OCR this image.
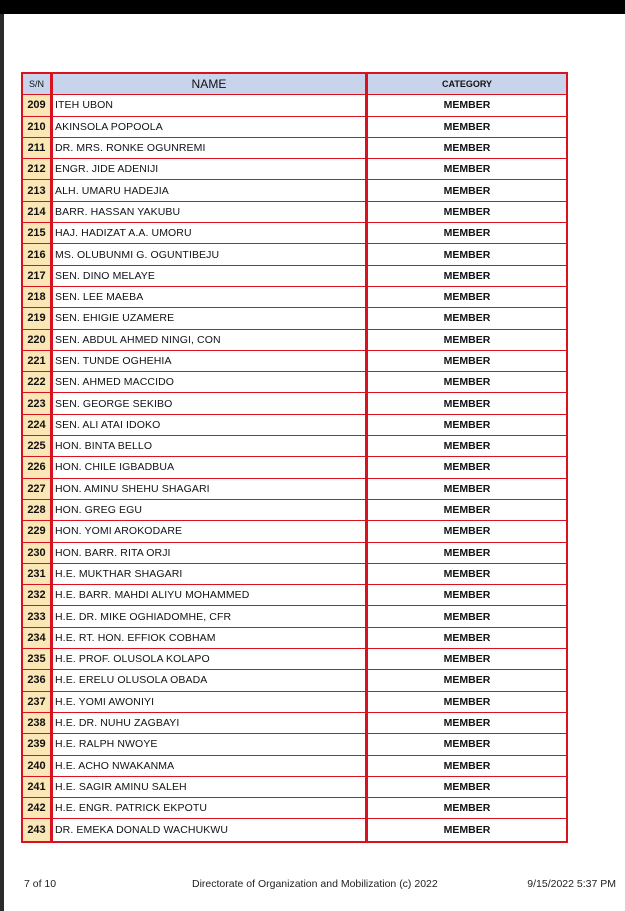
S/N	NAME	CATEGORY
209 ITEH UBON	MEMBER
210 AKINSOLA POPOOLA	MEMBER
211 DR. MRS. RONKE OGUNREMI	MEMBER
212 ENGR. JIDE ADENIJI	MEMBER
213 ALH. UMARU HADEJIA	MEMBER
214 BARR. HASSAN YAKUBU	MEMBER
215 HAJ. HADIZAT A.A. UMORU	MEMBER
216 MS. OLUBUNMI G. OGUNTIBEJU	MEMBER
217 SEN. DINO MELAYE	MEMBER
218 SEN. LEE MAEBA	MEMBER
219 SEN. EHIGIE UZAMERE	MEMBER
220 SEN. ABDUL AHMED NINGI, CON	MEMBER
221 SEN. TUNDE OGHEHIA	MEMBER
222 SEN. AHMED MACCIDO	MEMBER
223 SEN. GEORGE SEKIBO	MEMBER
224 SEN. ALI ATAI IDOKO	MEMBER
225 HON. BINTA BELLO	MEMBER
226 HON. CHILE IGBADBUA	MEMBER
227 HON. AMINU SHEHU SHAGARI	MEMBER
228 HON. GREG EGU	MEMBER
229 HON. YOMI AROKODARE	MEMBER
230 HON. BARR. RITA ORJI	MEMBER
231 H.E. MUKTHAR SHAGARI	MEMBER
232 H.E. BARR. MAHDI ALIYU MOHAMMED	MEMBER
233 H.E. DR. MIKE OGHIADOMHE, CFR	MEMBER
234 H.E. RT. HON. EFFIOK COBHAM	MEMBER
235 H.E. PROF. OLUSOLA KOLAPO	MEMBER
236 H.E. ERELU OLUSOLA OBADA	MEMBER
237 H.E. YOMI AWONIYI	MEMBER
238 H.E. DR. NUHU ZAGBAYI	MEMBER
239 H.E. RALPH NWOYE	MEMBER
240 H.E. ACHO NWAKANMA	MEMBER
241 H.E. SAGIR AMINU SALEH	MEMBER
242 H.E. ENGR. PATRICK EKPOTU	MEMBER
243 DR. EMEKA DONALD WACHUKWU	MEMBER
7 of 10	Directorate of Organization and Mobilization (c) 2022	9/15/2022 5:37 PM
